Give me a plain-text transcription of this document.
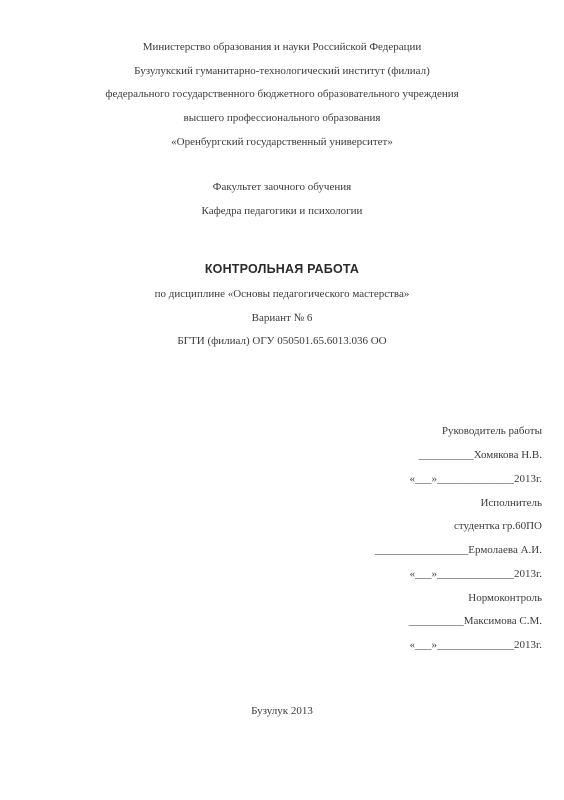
Министерство образования и науки Российской Федерации
Бузулукский гуманитарно-технологический институт (филиал)
федерального государственного бюджетного образовательного учреждения
высшего профессионального образования
«Оренбургский государственный университет»
Факультет заочного обучения
Кафедра педагогики и психологии
КОНТРОЛЬНАЯ РАБОТА
по дисциплине «Основы педагогического мастерства»
Вариант № 6
БГТИ (филиал) ОГУ 050501.65.6013.036 ОО
Руководитель работы
__________Хомякова Н.В.
«___»______________2013г.
Исполнитель
студентка гр.60ПО
_________________Ермолаева А.И.
«___»______________2013г.
Нормоконтроль
__________Максимова С.М.
«___»______________2013г.
Бузулук 2013
